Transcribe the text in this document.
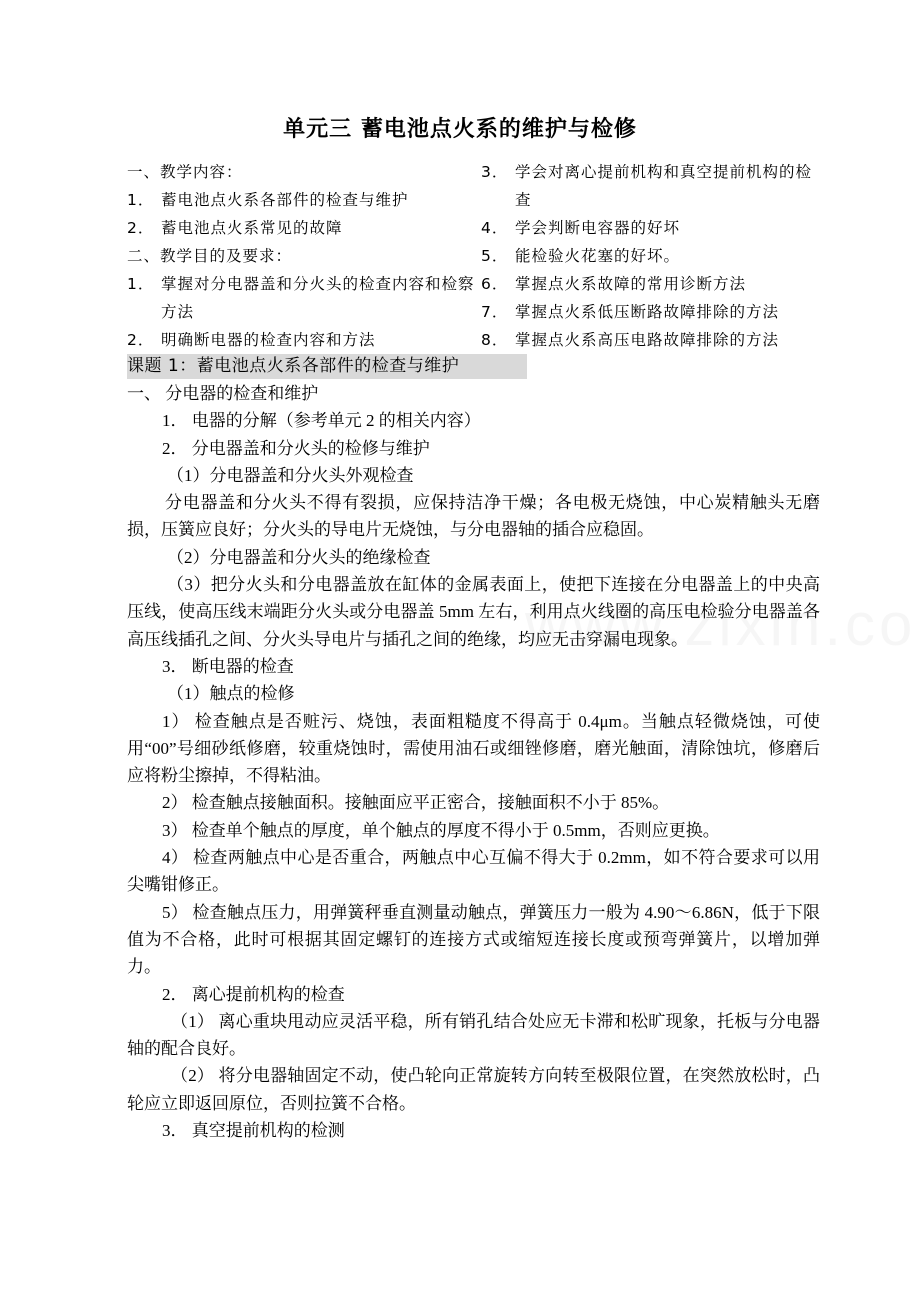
单元三 蓄电池点火系的维护与检修
一、教学内容：
1． 蓄电池点火系各部件的检查与维护
2． 蓄电池点火系常见的故障
二、教学目的及要求：
1． 掌握对分电器盖和分火头的检查内容和检察方法
2． 明确断电器的检查内容和方法
3． 学会对离心提前机构和真空提前机构的检查
4． 学会判断电容器的好坏
5． 能检验火花塞的好坏。
6． 掌握点火系故障的常用诊断方法
7． 掌握点火系低压断路故障排除的方法
8． 掌握点火系高压电路故障排除的方法
课题 1：蓄电池点火系各部件的检查与维护

一、 分电器的检查和维护

1． 电器的分解（参考单元 2 的相关内容）

2． 分电器盖和分火头的检修与维护

（1）分电器盖和分火头外观检查

分电器盖和分火头不得有裂损，应保持洁净干燥；各电极无烧蚀，中心炭精触头无磨损，压簧应良好；分火头的导电片无烧蚀，与分电器轴的插合应稳固。

（2）分电器盖和分火头的绝缘检查

（3）把分火头和分电器盖放在缸体的金属表面上，使把下连接在分电器盖上的中央高压线，使高压线末端距分火头或分电器盖 5mm 左右，利用点火线圈的高压电检验分电器盖各高压线插孔之间、分火头导电片与插孔之间的绝缘，均应无击穿漏电现象。

3． 断电器的检查

（1）触点的检修

1） 检查触点是否赃污、烧蚀，表面粗糙度不得高于 0.4μm。当触点轻微烧蚀，可使用“00”号细砂纸修磨，较重烧蚀时，需使用油石或细锉修磨，磨光触面，清除蚀坑，修磨后应将粉尘擦掉，不得粘油。

2） 检查触点接触面积。接触面应平正密合，接触面积不小于 85%。

3） 检查单个触点的厚度，单个触点的厚度不得小于 0.5mm，否则应更换。

4） 检查两触点中心是否重合，两触点中心互偏不得大于 0.2mm，如不符合要求可以用尖嘴钳修正。

5） 检查触点压力，用弹簧秤垂直测量动触点，弹簧压力一般为 4.90～6.86N，低于下限值为不合格，此时可根据其固定螺钉的连接方式或缩短连接长度或预弯弹簧片，以增加弹力。

2． 离心提前机构的检查

（1） 离心重块甩动应灵活平稳，所有销孔结合处应无卡滞和松旷现象，托板与分电器轴的配合良好。

（2） 将分电器轴固定不动，使凸轮向正常旋转方向转至极限位置，在突然放松时，凸轮应立即返回原位，否则拉簧不合格。

3． 真空提前机构的检测
